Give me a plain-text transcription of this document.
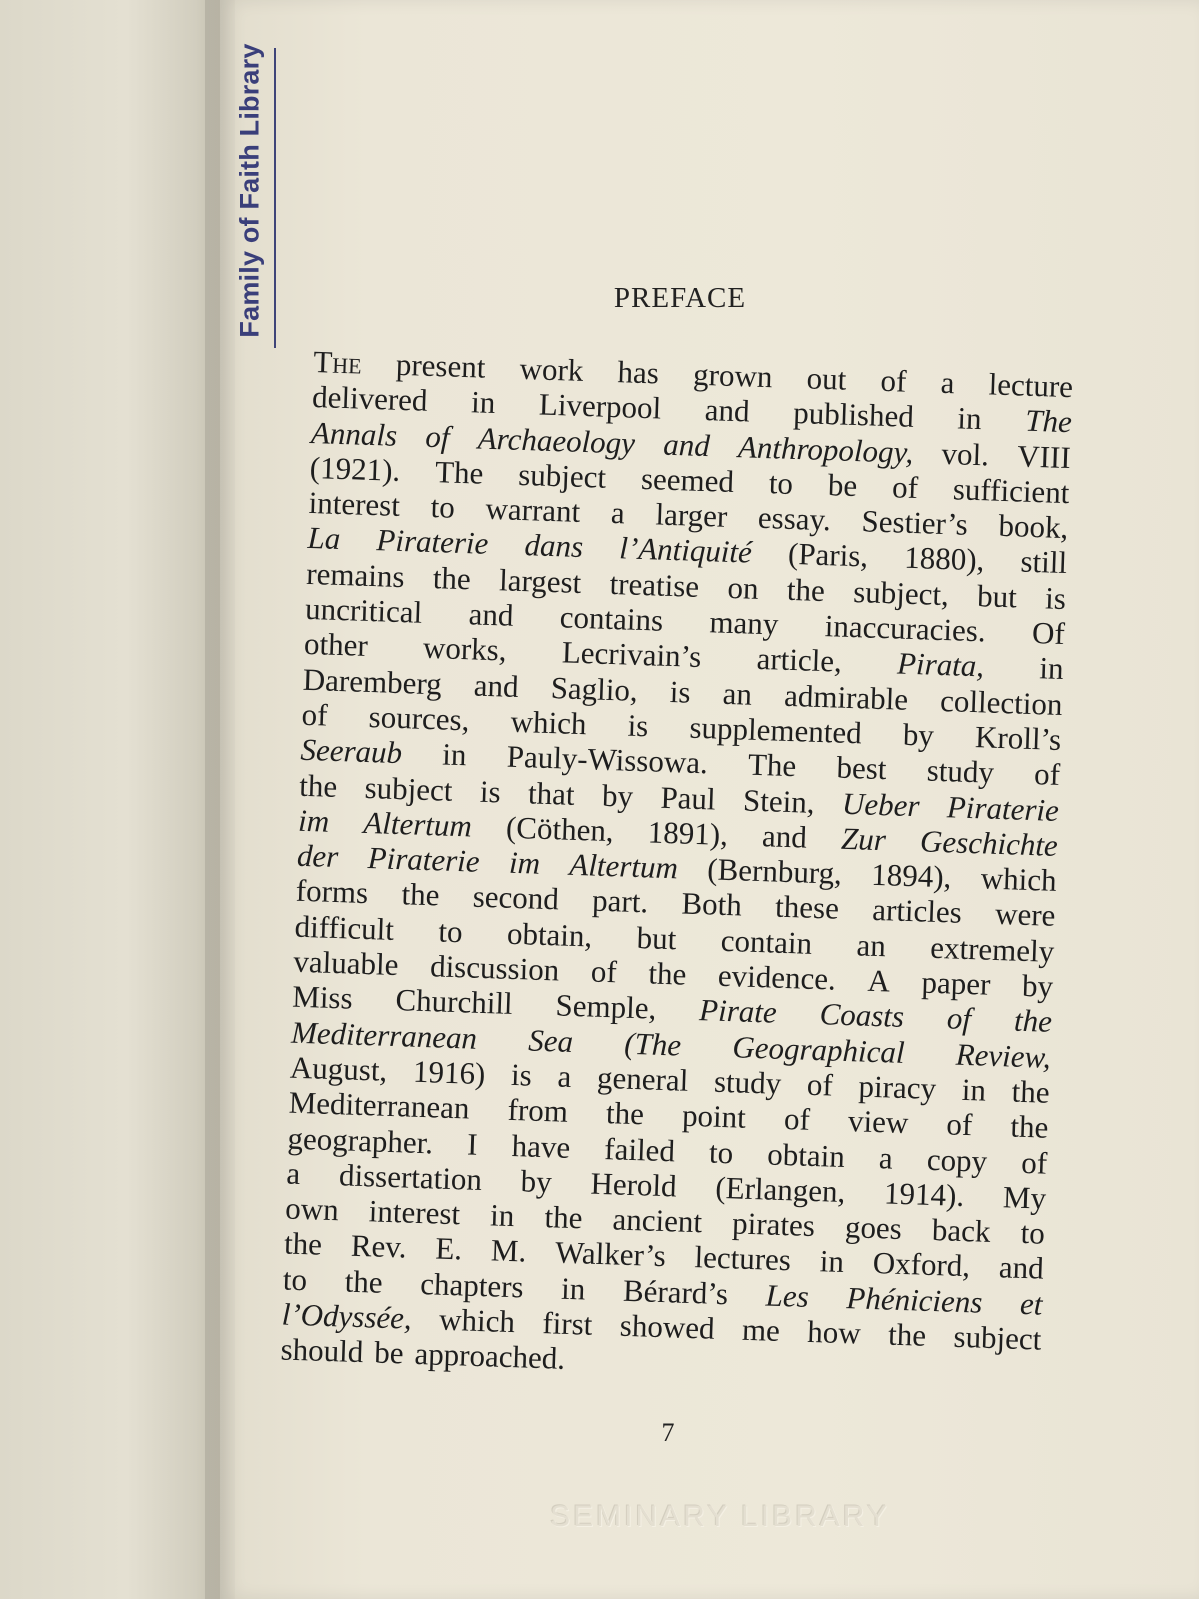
Family of Faith Library	PREFACE
The present work has grown out of a lecture
delivered in Liverpool and published in The
Annals of Archaeology and Anthropology, vol. VIII
(1921). The subject seemed to be of sufficient
interest to warrant a larger essay. Sestier’s book,
La Piraterie dans l’Antiquité (Paris, 1880), still
remains the largest treatise on the subject, but is
uncritical and contains many inaccuracies. Of
other works, Lecrivain’s article, Pirata, in
Daremberg and Saglio, is an admirable collection
of sources, which is supplemented by Kroll’s
Seeraub in Pauly-Wissowa. The best study of
the subject is that by Paul Stein, Ueber Piraterie
im Altertum (Cöthen, 1891), and Zur Geschichte
der Piraterie im Altertum (Bernburg, 1894), which
forms the second part. Both these articles were
difficult to obtain, but contain an extremely
valuable discussion of the evidence. A paper by
Miss Churchill Semple, Pirate Coasts of the
Mediterranean Sea (The Geographical Review,
August, 1916) is a general study of piracy in the
Mediterranean from the point of view of the
geographer. I have failed to obtain a copy of
a dissertation by Herold (Erlangen, 1914). My
own interest in the ancient pirates goes back to
the Rev. E. M. Walker’s lectures in Oxford, and
to the chapters in Bérard’s Les Phéniciens et
l’Odyssée, which first showed me how the subject
should be approached.
7
SEMINARY LIBRARY
